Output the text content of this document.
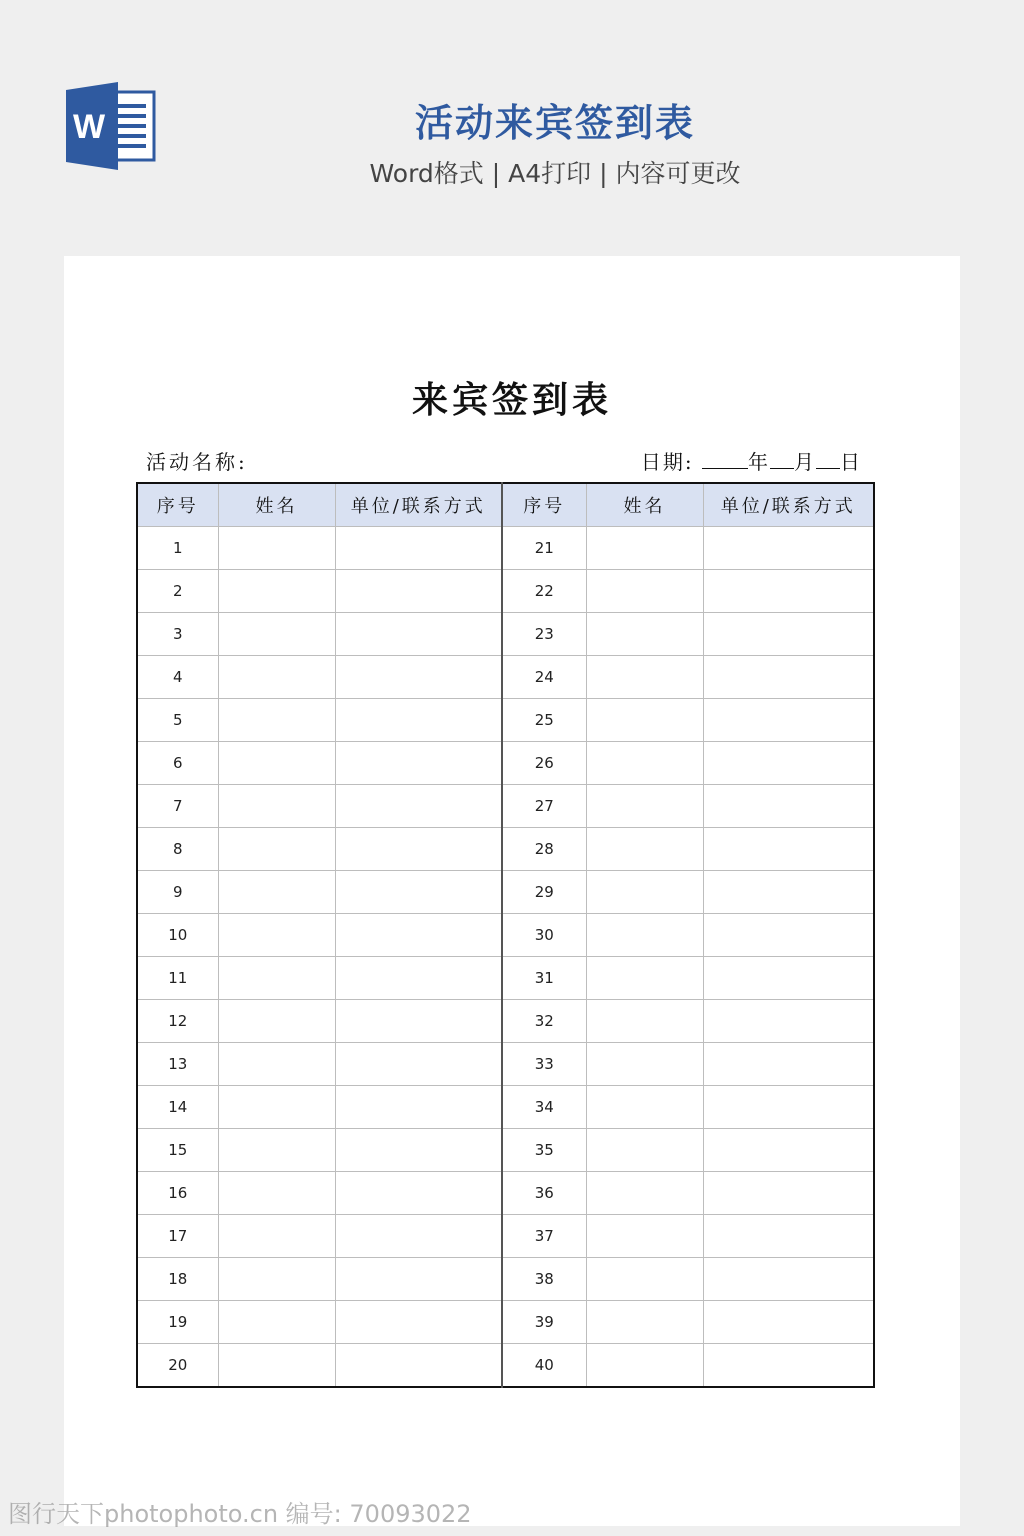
W	活动来宾签到表
Word格式 | A4打印 | 内容可更改
来宾签到表
活动名称:	日期:	年 月 日
序号	姓名	单位/联系方式	序号	姓名	单位/联系方式
1			21		
2			22		
3			23		
4			24		
5			25		
6			26		
7			27		
8			28		
9			29		
10			30		
11			31		
12			32		
13			33		
14			34		
15			35		
16			36		
17			37		
18			38		
19			39		
20			40		
图行天下photophoto.cn 编号: 70093022
